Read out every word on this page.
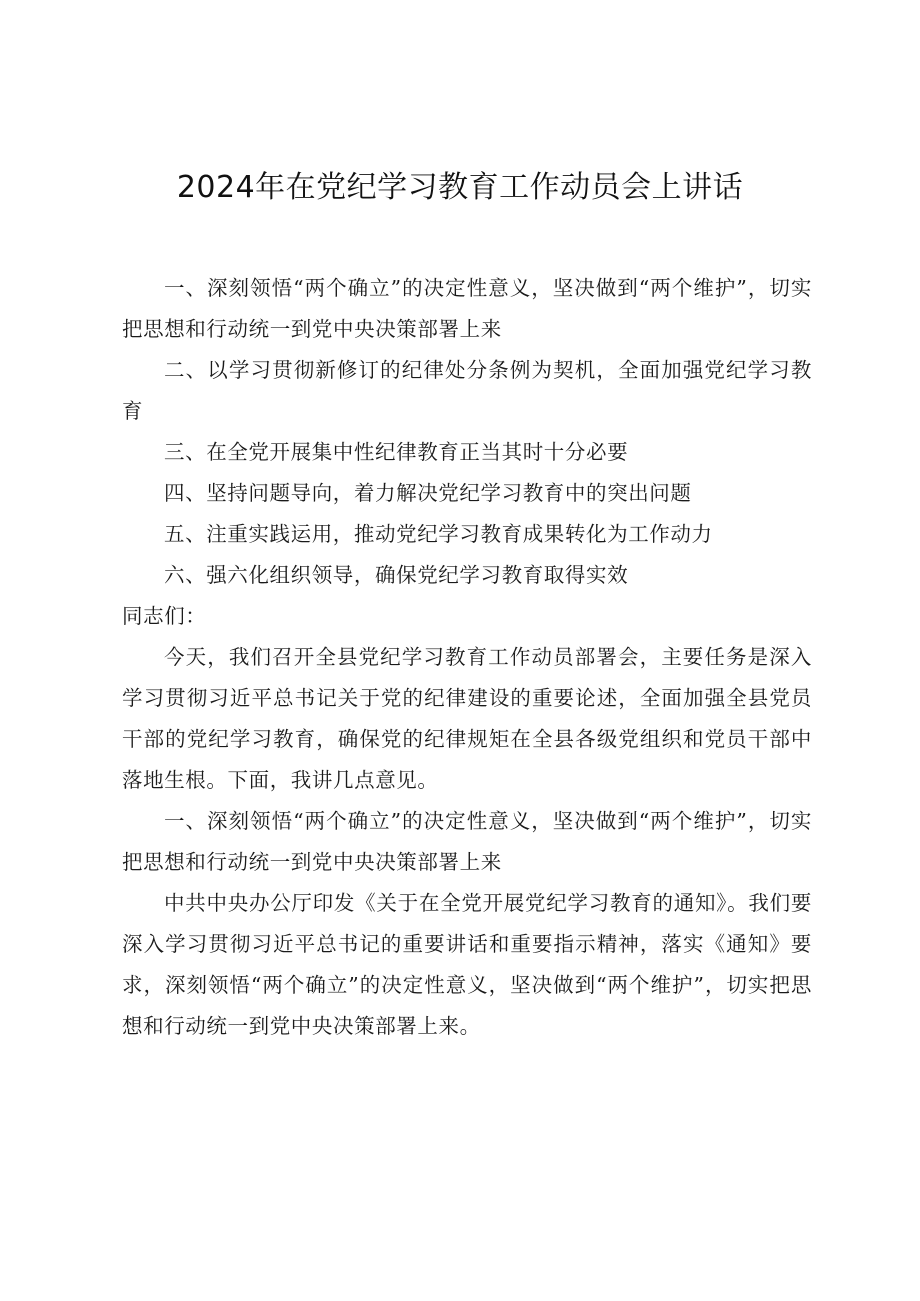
2024年在党纪学习教育工作动员会上讲话

一、深刻领悟“两个确立”的决定性意义，坚决做到“两个维护”，切实把思想和行动统一到党中央决策部署上来

二、以学习贯彻新修订的纪律处分条例为契机，全面加强党纪学习教育

三、在全党开展集中性纪律教育正当其时十分必要

四、坚持问题导向，着力解决党纪学习教育中的突出问题

五、注重实践运用，推动党纪学习教育成果转化为工作动力

六、强六化组织领导，确保党纪学习教育取得实效

同志们：

今天，我们召开全县党纪学习教育工作动员部署会，主要任务是深入学习贯彻习近平总书记关于党的纪律建设的重要论述，全面加强全县党员干部的党纪学习教育，确保党的纪律规矩在全县各级党组织和党员干部中落地生根。下面，我讲几点意见。

一、深刻领悟“两个确立”的决定性意义，坚决做到“两个维护”，切实把思想和行动统一到党中央决策部署上来

中共中央办公厅印发《关于在全党开展党纪学习教育的通知》。我们要深入学习贯彻习近平总书记的重要讲话和重要指示精神，落实《通知》要求，深刻领悟“两个确立”的决定性意义，坚决做到“两个维护”，切实把思想和行动统一到党中央决策部署上来。
